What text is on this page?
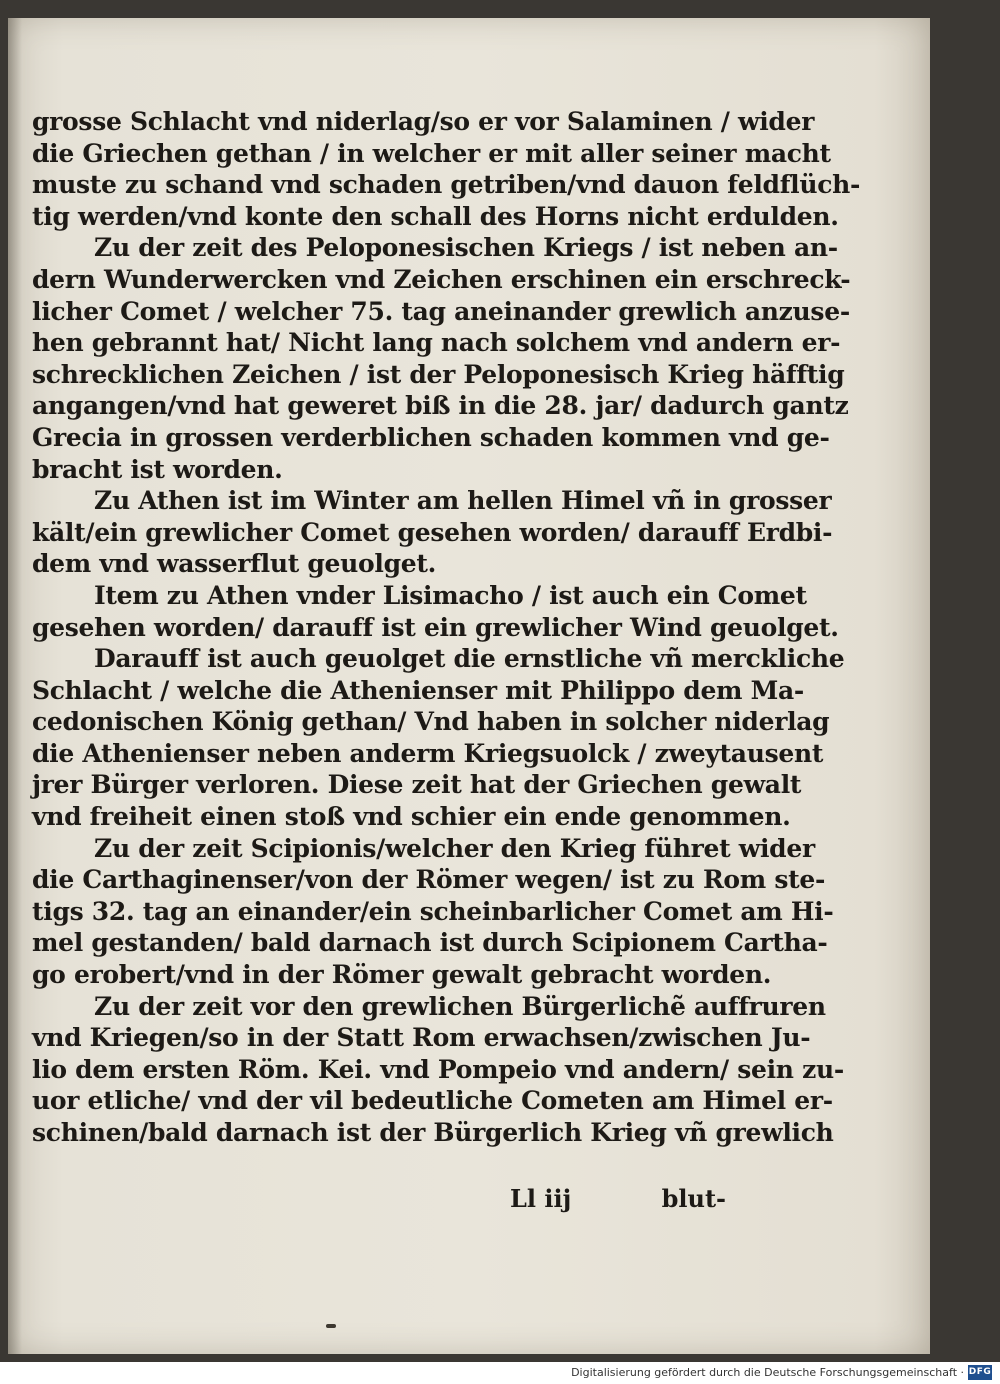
grosse Schlacht vnd niderlag/so er vor Salaminen / wider
die Griechen gethan / in welcher er mit aller seiner macht
muste zu schand vnd schaden getriben/vnd dauon feldflüch-
tig werden/vnd konte den schall des Horns nicht erdulden.
Zu der zeit des Peloponesischen Kriegs / ist neben an-
dern Wunderwercken vnd Zeichen erschinen ein erschreck-
licher Comet / welcher 75. tag aneinander grewlich anzuse-
hen gebrannt hat/ Nicht lang nach solchem vnd andern er-
schrecklichen Zeichen / ist der Peloponesisch Krieg häfftig
angangen/vnd hat geweret biß in die 28. jar/ dadurch gantz
Grecia in grossen verderblichen schaden kommen vnd ge-
bracht ist worden.
Zu Athen ist im Winter am hellen Himel vñ in grosser
kält/ein grewlicher Comet gesehen worden/ darauff Erdbi-
dem vnd wasserflut geuolget.
Item zu Athen vnder Lisimacho / ist auch ein Comet
gesehen worden/ darauff ist ein grewlicher Wind geuolget.
Darauff ist auch geuolget die ernstliche vñ merckliche
Schlacht / welche die Athenienser mit Philippo dem Ma-
cedonischen König gethan/ Vnd haben in solcher niderlag
die Athenienser neben anderm Kriegsuolck / zweytausent
jrer Bürger verloren. Diese zeit hat der Griechen gewalt
vnd freiheit einen stoß vnd schier ein ende genommen.
Zu der zeit Scipionis/welcher den Krieg führet wider
die Carthaginenser/von der Römer wegen/ ist zu Rom ste-
tigs 32. tag an einander/ein scheinbarlicher Comet am Hi-
mel gestanden/ bald darnach ist durch Scipionem Cartha-
go erobert/vnd in der Römer gewalt gebracht worden.
Zu der zeit vor den grewlichen Bürgerlichẽ auffruren
vnd Kriegen/so in der Statt Rom erwachsen/zwischen Ju-
lio dem ersten Röm. Kei. vnd Pompeio vnd andern/ sein zu-
uor etliche/ vnd der vil bedeutliche Cometen am Himel er-
schinen/bald darnach ist der Bürgerlich Krieg vñ grewlich
Ll iij	blut-
Digitalisierung gefördert durch die Deutsche Forschungsgemeinschaft · DFG
